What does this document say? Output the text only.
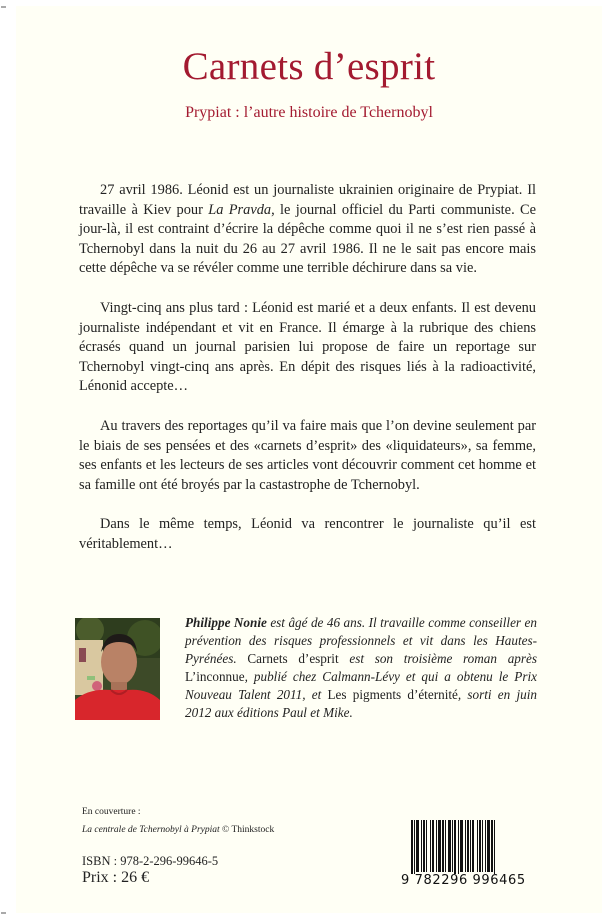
Carnets d’esprit
Prypiat : l’autre histoire de Tchernobyl

27 avril 1986. Léonid est un journaliste ukrainien originaire de Prypiat. Il travaille à Kiev pour La Pravda, le journal officiel du Parti communiste. Ce jour-là, il est contraint d’écrire la dépêche comme quoi il ne s’est rien passé à Tchernobyl dans la nuit du 26 au 27 avril 1986. Il ne le sait pas encore mais cette dépêche va se révéler comme une terrible déchirure dans sa vie.

Vingt-cinq ans plus tard : Léonid est marié et a deux enfants. Il est devenu journaliste indépendant et vit en France. Il émarge à la rubrique des chiens écrasés quand un journal parisien lui propose de faire un reportage sur Tchernobyl vingt-cinq ans après. En dépit des risques liés à la radioactivité, Lénonid accepte…

Au travers des reportages qu’il va faire mais que l’on devine seulement par le biais de ses pensées et des «carnets d’esprit» des «liquidateurs», sa femme, ses enfants et les lecteurs de ses articles vont découvrir comment cet homme et sa famille ont été broyés par la castastrophe de Tchernobyl.

Dans le même temps, Léonid va rencontrer le journaliste qu’il est véritablement…

Philippe Nonie est âgé de 46 ans. Il travaille comme conseiller en prévention des risques professionnels et vit dans les Hautes-Pyrénées. Carnets d’esprit est son troisième roman après L’inconnue, publié chez Calmann-Lévy et qui a obtenu le Prix Nouveau Talent 2011, et Les pigments d’éternité, sorti en juin 2012 aux éditions Paul et Mike.
En couverture :
La centrale de Tchernobyl à Prypiat © Thinkstock
ISBN : 978-2-296-99646-5
Prix : 26 €	9 782296 996465
